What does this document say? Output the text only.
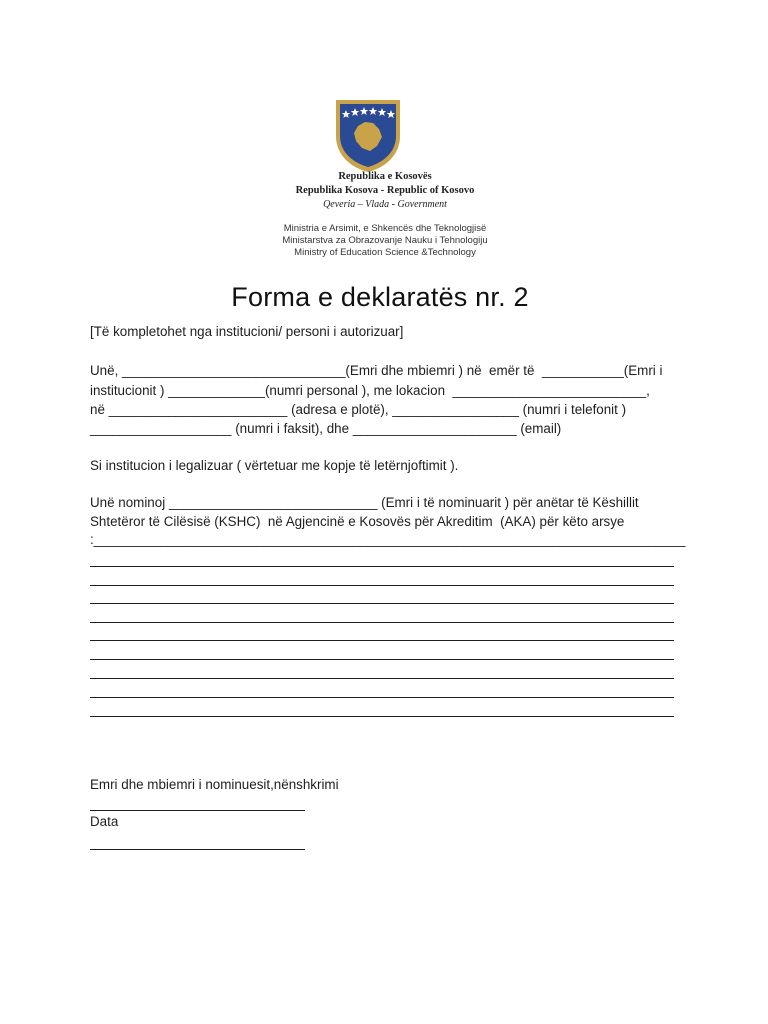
Republika e Kosovës
Republika Kosova - Republic of Kosovo
Qeveria – Vlada - Government
Ministria e Arsimit, e Shkencës dhe Teknologjisë
Ministarstva za Obrazovanje Nauku i Tehnologiju
Ministry of Education Science &Technology
Forma e deklaratës nr. 2
[Të kompletohet nga institucioni/ personi i autorizuar]
Unë, ______________________________(Emri dhe mbiemri ) në  emër të  ___________(Emri i
institucionit ) _____________(numri personal ), me lokacion  __________________________,
në ________________________ (adresa e plotë), _________________ (numri i telefonit )
___________________ (numri i faksit), dhe ______________________ (email)
Si institucion i legalizuar ( vërtetuar me kopje të letërnjoftimit ).
Unë nominoj ____________________________ (Emri i të nominuarit ) për anëtar të Këshillit
Shtetëror të Cilësisë (KSHC)  në Agjencinë e Kosovës për Akreditim  (AKA) për këto arsye
:________________________________________________________________________________
Emri dhe mbiemri i nominuesit,nënshkrimi
Data
